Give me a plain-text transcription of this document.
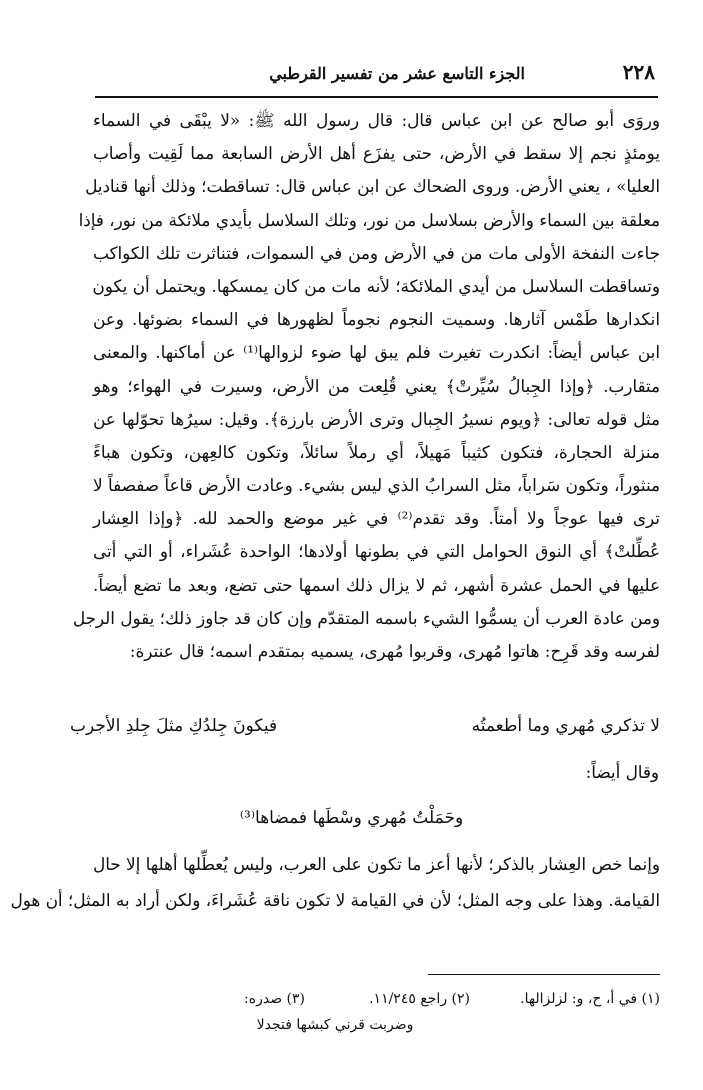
٢٢٨
الجزء التاسع عشر من تفسير القرطبي
وروَى أبو صالح عن ابن عباس قال: قال رسول الله ﷺ: «لا يبْقَى في السماء
يومئذٍ نجم إلا سقط في الأرض، حتى يفزَع أهل الأرض السابعة مما لَقِيت وأصاب
العليا» ، يعني الأرض. وروى الضحاك عن ابن عباس قال: تساقطت؛ وذلك أنها قناديل
معلقة بين السماء والأرض بسلاسل من نور، وتلك السلاسل بأيدي ملائكة من نور، فإذا
جاءت النفخة الأولى مات من في الأرض ومن في السموات، فتناثرت تلك الكواكب
وتساقطت السلاسل من أيدي الملائكة؛ لأنه مات من كان يمسكها. ويحتمل أن يكون
انكدارها طَمْس آثارها. وسميت النجوم نجوماً لظهورها في السماء بضوئها. وعن
ابن عباس أيضاً: انكدرت تغيرت فلم يبق لها ضوء لزوالها⁽¹⁾ عن أماكنها. والمعنى
متقارب. ﴿وإذا الجِبالُ سُيِّرتْ﴾ يعني قُلِعت من الأرض، وسيرت في الهواء؛ وهو
مثل قوله تعالى: ﴿ويوم نسيرُ الجِبال وترى الأرض بارزة﴾. وقيل: سيرُها تحوّلها عن
منزلة الحجارة، فتكون كثيباً مَهيلاً، أي رملاً سائلاً، وتكون كالعِهن، وتكون هباءً
منثوراً، وتكون سَراباً، مثل السرابُ الذي ليس بشيء. وعادت الأرض قاعاً صفصفاً لا
ترى فيها عوجاً ولا أمتاً. وقد تقدم⁽²⁾ في غير موضع والحمد لله. ﴿وإذا العِشار
عُطِّلتْ﴾ أي النوق الحوامل التي في بطونها أولادها؛ الواحدة عُشَراء، أو التي أتى
عليها في الحمل عشرة أشهر، ثم لا يزال ذلك اسمها حتى تضع، وبعد ما تضع أيضاً.
ومن عادة العرب أن يسمُّوا الشيء باسمه المتقدّم وإن كان قد جاوز ذلك؛ يقول الرجل
لفرسه وقد قَرِح: هاتوا مُهرى، وقربوا مُهرى، يسميه بمتقدم اسمه؛ قال عنترة:
لا تذكري مُهري وما أطعمتُه
فيكونَ جِلدُكِ مثلَ جِلدِ الأجرب
وقال أيضاً:
وحَمَلْتُ مُهري وسْطَها فمضاها⁽³⁾
وإنما خص العِشار بالذكر؛ لأنها أعز ما تكون على العرب، وليس يُعطِّلها أهلها إلا حال
القيامة. وهذا على وجه المثل؛ لأن في القيامة لا تكون ناقة عُشَراءَ، ولكن أراد به المثل؛ أن هول
(١) في أ، ح، و: لزلزالها.
(٢) راجع ١١/٢٤٥.
(٣) صدره:
وضربت قرني كبشها فتجدلا
